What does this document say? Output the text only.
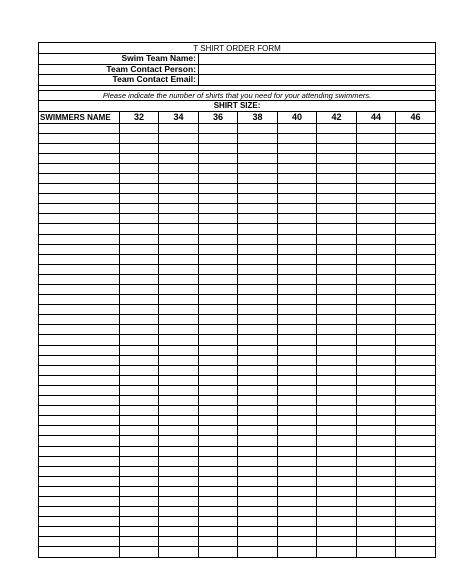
T SHIRT ORDER FORM								
Swim Team Name:								
Team Contact Person:								
Team Contact Email:								

Please indicate the number of shirts that you need for your attending swimmers.								
SHIRT SIZE:								
SWIMMERS NAME	32	34	36	38	40	42	44	46
